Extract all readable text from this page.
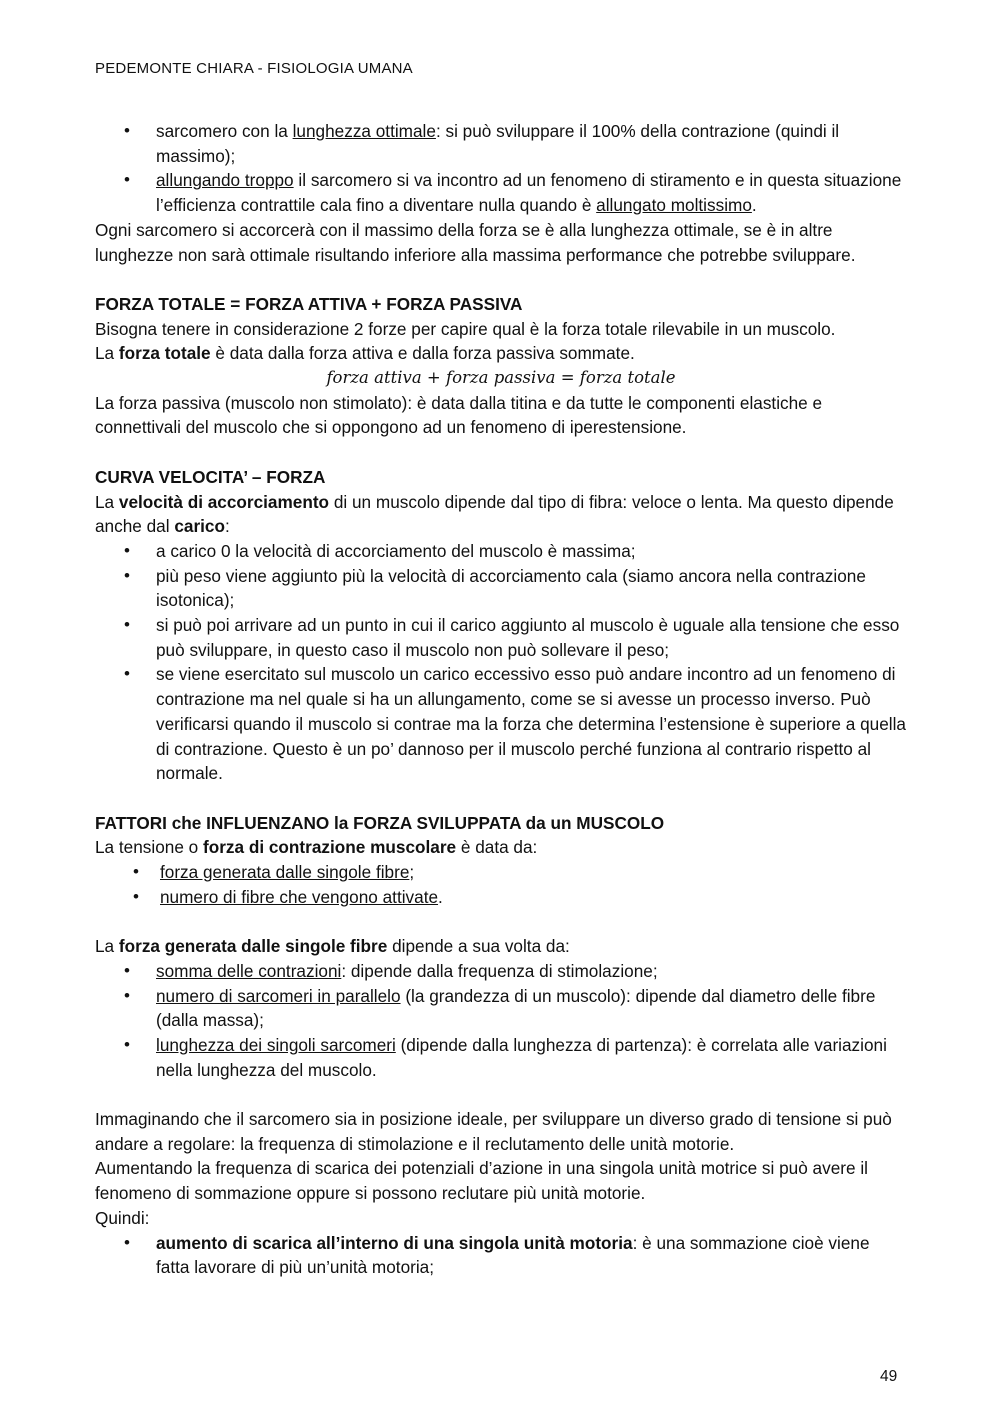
PEDEMONTE CHIARA - FISIOLOGIA UMANA
• sarcomero con la lunghezza ottimale: si può sviluppare il 100% della contrazione (quindi il massimo);
• allungando troppo il sarcomero si va incontro ad un fenomeno di stiramento e in questa situazione l’efficienza contrattile cala fino a diventare nulla quando è allungato moltissimo.

Ogni sarcomero si accorcerà con il massimo della forza se è alla lunghezza ottimale, se è in altre lunghezze non sarà ottimale risultando inferiore alla massima performance che potrebbe sviluppare.

FORZA TOTALE = FORZA ATTIVA + FORZA PASSIVA

Bisogna tenere in considerazione 2 forze per capire qual è la forza totale rilevabile in un muscolo.

La forza totale è data dalla forza attiva e dalla forza passiva sommate.

forza attiva + forza passiva = forza totale

La forza passiva (muscolo non stimolato): è data dalla titina e da tutte le componenti elastiche e connettivali del muscolo che si oppongono ad un fenomeno di iperestensione.

CURVA VELOCITA’ – FORZA

La velocità di accorciamento di un muscolo dipende dal tipo di fibra: veloce o lenta. Ma questo dipende anche dal carico:

• a carico 0 la velocità di accorciamento del muscolo è massima;
• più peso viene aggiunto più la velocità di accorciamento cala (siamo ancora nella contrazione isotonica);
• si può poi arrivare ad un punto in cui il carico aggiunto al muscolo è uguale alla tensione che esso può sviluppare, in questo caso il muscolo non può sollevare il peso;
• se viene esercitato sul muscolo un carico eccessivo esso può andare incontro ad un fenomeno di contrazione ma nel quale si ha un allungamento, come se si avesse un processo inverso. Può verificarsi quando il muscolo si contrae ma la forza che determina l’estensione è superiore a quella di contrazione. Questo è un po’ dannoso per il muscolo perché funziona al contrario rispetto al normale.
FATTORI che INFLUENZANO la FORZA SVILUPPATA da un MUSCOLO

La tensione o forza di contrazione muscolare è data da:

• forza generata dalle singole fibre;
• numero di fibre che vengono attivate.

La forza generata dalle singole fibre dipende a sua volta da:

• somma delle contrazioni: dipende dalla frequenza di stimolazione;
• numero di sarcomeri in parallelo (la grandezza di un muscolo): dipende dal diametro delle fibre (dalla massa);
• lunghezza dei singoli sarcomeri (dipende dalla lunghezza di partenza): è correlata alle variazioni nella lunghezza del muscolo.

Immaginando che il sarcomero sia in posizione ideale, per sviluppare un diverso grado di tensione si può andare a regolare: la frequenza di stimolazione e il reclutamento delle unità motorie.

Aumentando la frequenza di scarica dei potenziali d’azione in una singola unità motrice si può avere il fenomeno di sommazione oppure si possono reclutare più unità motorie.

Quindi:

• aumento di scarica all’interno di una singola unità motoria: è una sommazione cioè viene fatta lavorare di più un’unità motoria;
49
